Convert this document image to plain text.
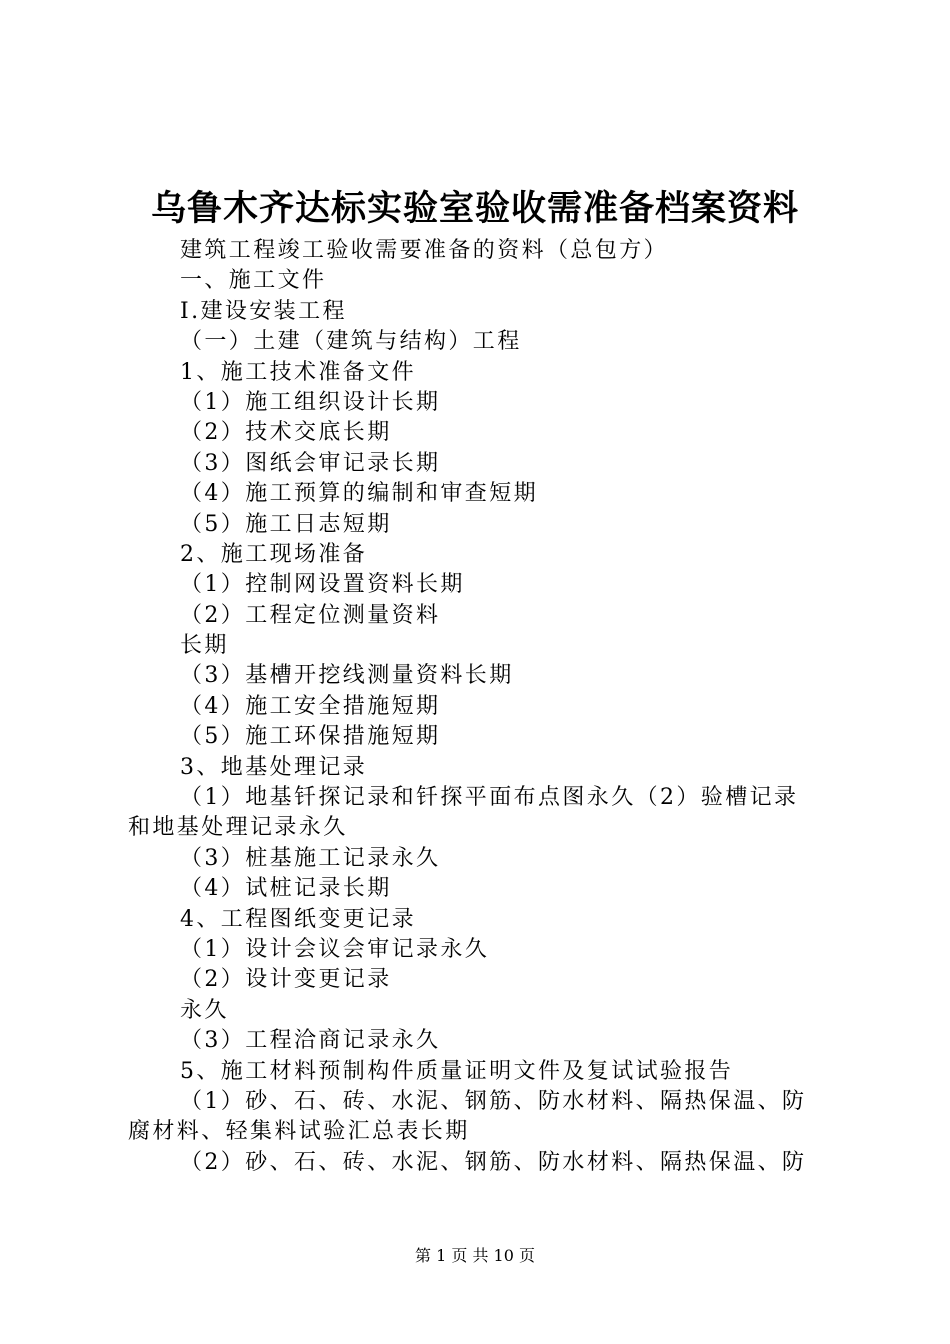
乌鲁木齐达标实验室验收需准备档案资料
建筑工程竣工验收需要准备的资料（总包方）
一、施工文件
Ⅰ.建设安装工程
（一）土建（建筑与结构）工程
1、施工技术准备文件
（1）施工组织设计长期
（2）技术交底长期
（3）图纸会审记录长期
（4）施工预算的编制和审查短期
（5）施工日志短期
2、施工现场准备
（1）控制网设置资料长期
（2）工程定位测量资料
长期
（3）基槽开挖线测量资料长期
（4）施工安全措施短期
（5）施工环保措施短期
3、地基处理记录
（1）地基钎探记录和钎探平面布点图永久（2）验槽记录
和地基处理记录永久
（3）桩基施工记录永久
（4）试桩记录长期
4、工程图纸变更记录
（1）设计会议会审记录永久
（2）设计变更记录
永久
（3）工程洽商记录永久
5、施工材料预制构件质量证明文件及复试试验报告
（1）砂、石、砖、水泥、钢筋、防水材料、隔热保温、防
腐材料、轻集料试验汇总表长期
（2）砂、石、砖、水泥、钢筋、防水材料、隔热保温、防
第 1 页 共 10 页
